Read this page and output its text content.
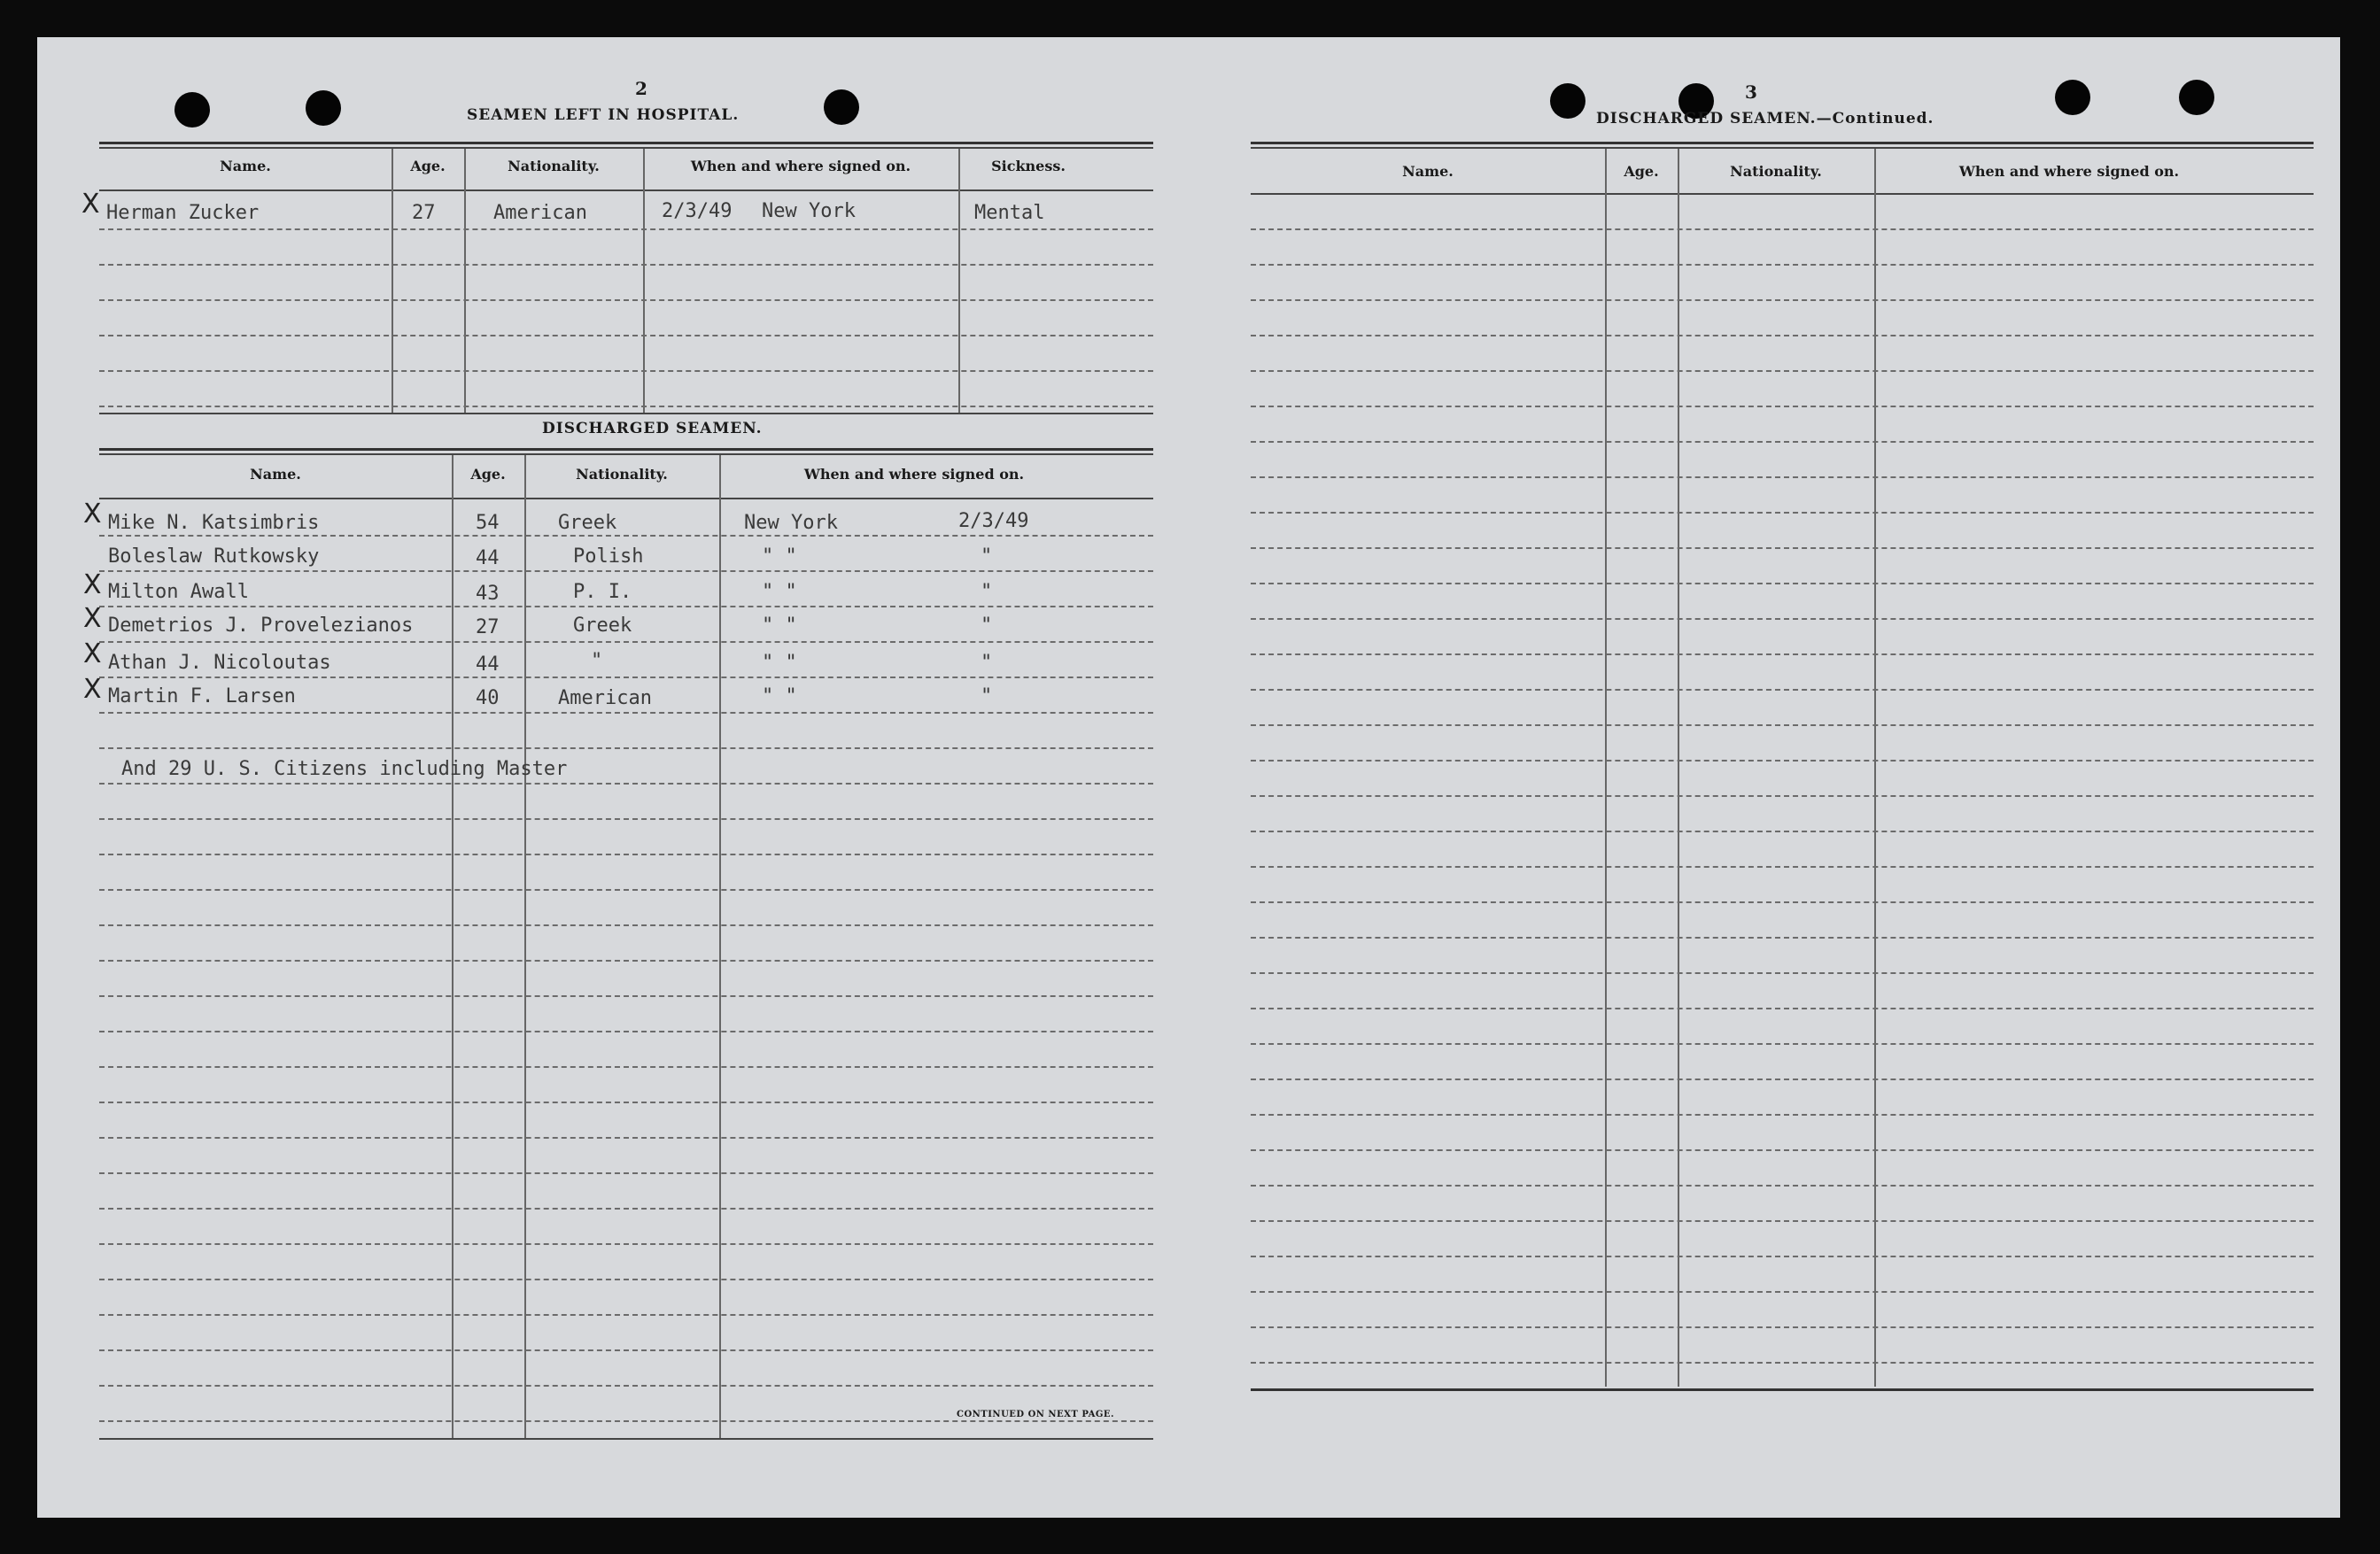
2
SEAMEN LEFT IN HOSPITAL.
Name.	Age.	Nationality.	When and where signed on.	Sickness.
X Herman Zucker	27	American	2/3/49 New York	Mental
DISCHARGED SEAMEN.
Name.	Age.	Nationality.	When and where signed on.
X Mike N. Katsimbris	54	Greek	New York	2/3/49
Boleslaw Rutkowsky	44	Polish	" "	"
X Milton Awall	43	P. I.	" "	"
X Demetrios J. Provelezianos	27	Greek	" "	"
X Athan J. Nicoloutas	44	"	" "	"
X Martin F. Larsen	40	American	" "	"
And 29 U. S. Citizens including Master
CONTINUED ON NEXT PAGE.
3
DISCHARGED SEAMEN.—Continued.
Name.	Age.	Nationality.	When and where signed on.
